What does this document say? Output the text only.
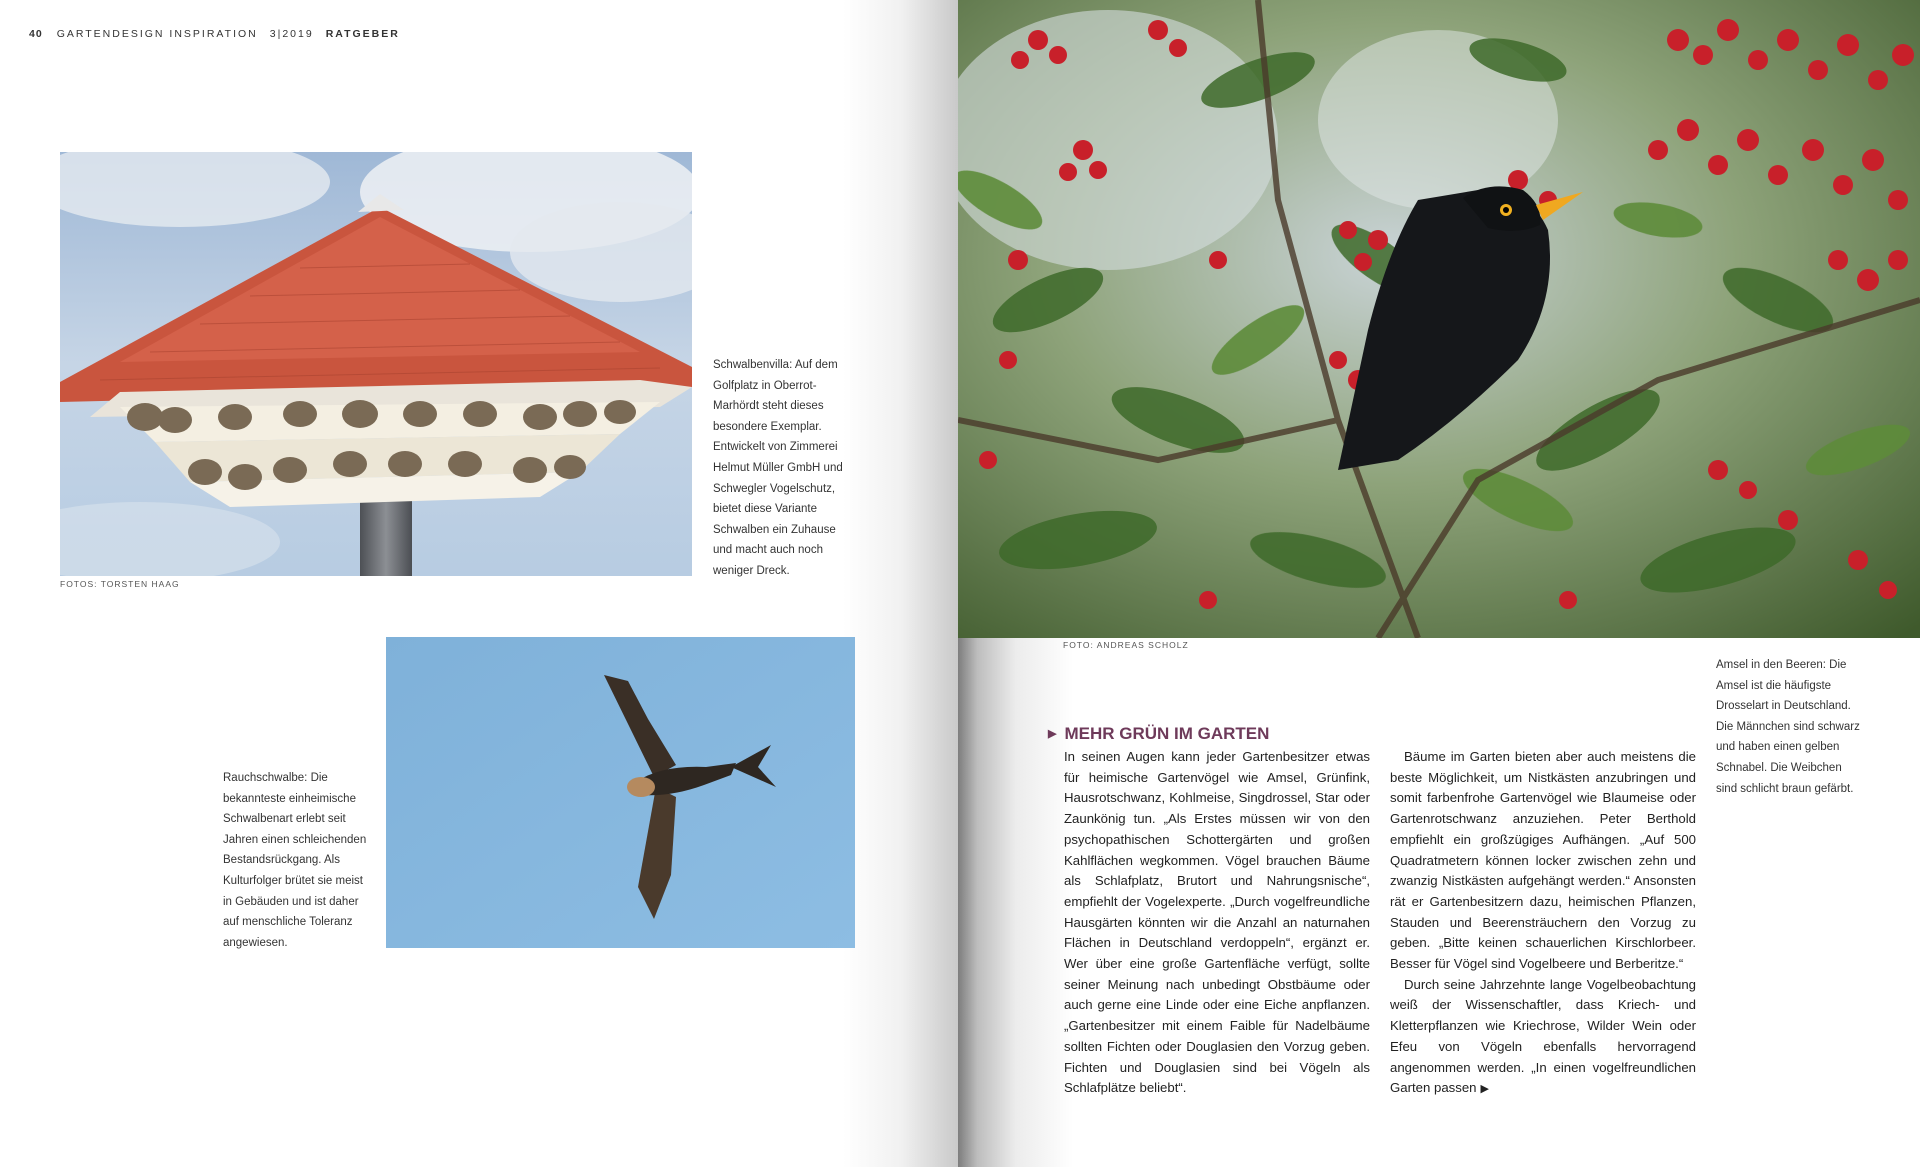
40 GARTENDESIGN INSPIRATION 3|2019 RATGEBER
FOTOS: TORSTEN HAAG
Schwalbenvilla: Auf dem Golfplatz in Oberrot-Marhördt steht dieses besondere Exemplar. Entwickelt von Zimmerei Helmut Müller GmbH und Schwegler Vogelschutz, bietet diese Variante Schwalben ein Zuhause und macht auch noch weniger Dreck.
Rauchschwalbe: Die bekannteste einheimische Schwalbenart erlebt seit Jahren einen schleichenden Bestandsrückgang. Als Kulturfolger brütet sie meist in Gebäuden und ist daher auf menschliche Toleranz angewiesen.
FOTO: ANDREAS SCHOLZ
Amsel in den Beeren: Die Amsel ist die häufigste Drosselart in Deutschland. Die Männchen sind schwarz und haben einen gelben Schnabel. Die Weibchen sind schlicht braun gefärbt.
▶ MEHR GRÜN IM GARTEN

In seinen Augen kann jeder Gartenbesitzer etwas für heimische Gartenvögel wie Amsel, Grünfink, Hausrotschwanz, Kohlmeise, Singdrossel, Star oder Zaunkönig tun. „Als Erstes müssen wir von den psychopathischen Schottergärten und großen Kahlflächen wegkommen. Vögel brauchen Bäume als Schlafplatz, Brutort und Nahrungsnische“, empfiehlt der Vogelexperte. „Durch vogelfreundliche Hausgärten könnten wir die Anzahl an naturnahen Flächen in Deutschland verdoppeln“, ergänzt er. Wer über eine große Gartenfläche verfügt, sollte seiner Meinung nach unbedingt Obstbäume oder auch gerne eine Linde oder eine Eiche anpflanzen. „Gartenbesitzer mit einem Faible für Nadelbäume sollten Fichten oder Douglasien den Vorzug geben. Fichten und Douglasien sind bei Vögeln als Schlafplätze beliebt“.

Bäume im Garten bieten aber auch meistens die beste Möglichkeit, um Nistkästen anzubringen und somit farbenfrohe Gartenvögel wie Blaumeise oder Gartenrotschwanz anzuziehen. Peter Berthold empfiehlt ein großzügiges Aufhängen. „Auf 500 Quadratmetern können locker zwischen zehn und zwanzig Nistkästen aufgehängt werden.“ Ansonsten rät er Gartenbesitzern dazu, heimischen Pflanzen, Stauden und Beerensträuchern den Vorzug zu geben. „Bitte keinen schauerlichen Kirschlorbeer. Besser für Vögel sind Vogelbeere und Berberitze.“

Durch seine Jahrzehnte lange Vogelbeobachtung weiß der Wissenschaftler, dass Kriech- und Kletterpflanzen wie Kriechrose, Wilder Wein oder Efeu von Vögeln ebenfalls hervorragend angenommen werden. „In einen vogelfreundlichen Garten passen ▶
